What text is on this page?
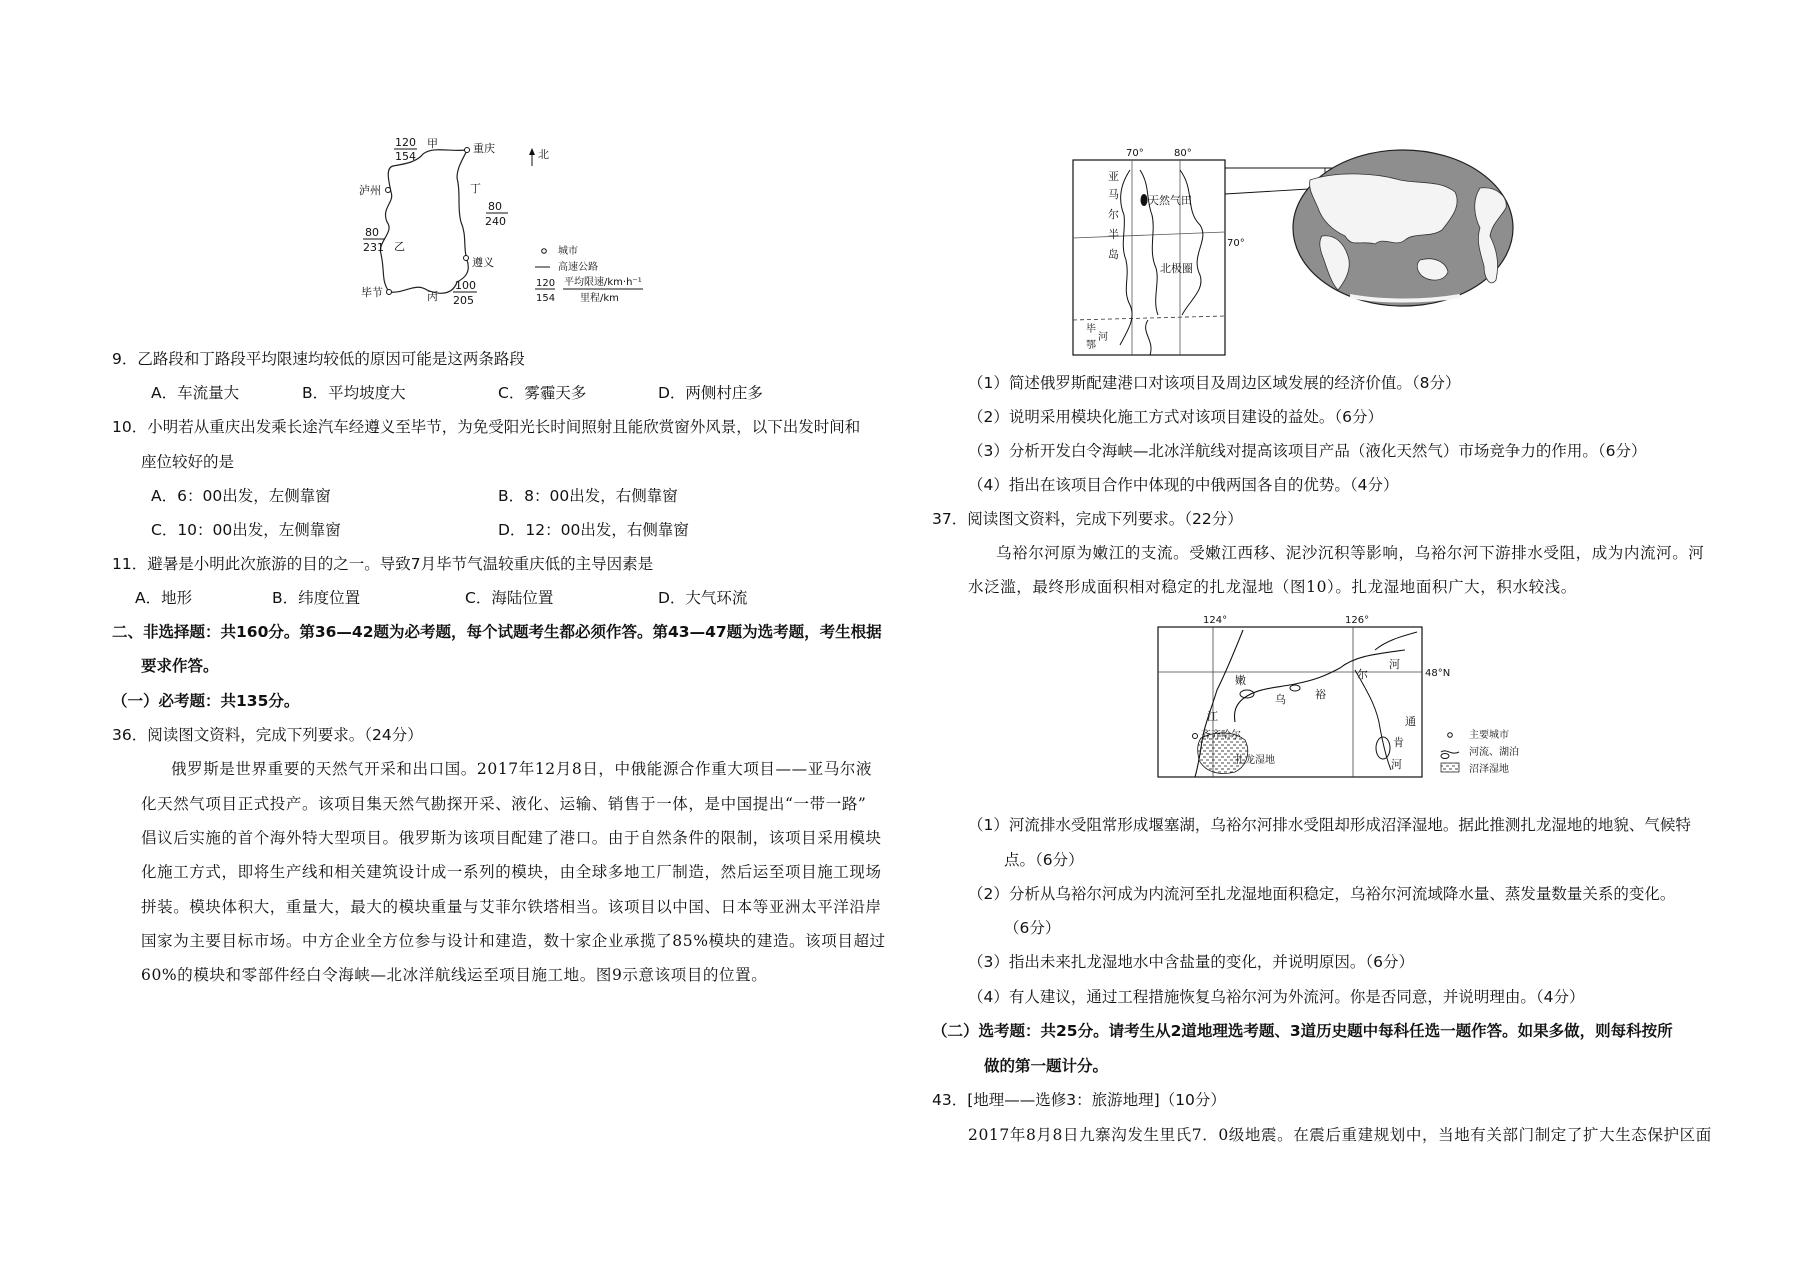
重庆
泸州
遵义
毕节
甲
乙
丙
丁
120
154
80
231
80
240
100
205
北
城市
高速公路
120
154
平均限速/km·h⁻¹
里程/km
9．乙路段和丁路段平均限速均较低的原因可能是这两条路段
A．车流量大	B．平均坡度大	C．雾霾天多	D．两侧村庄多
10．小明若从重庆出发乘长途汽车经遵义至毕节，为免受阳光长时间照射且能欣赏窗外风景，以下出发时间和
座位较好的是
A．6：00出发，左侧靠窗	B．8：00出发，右侧靠窗
C．10：00出发，左侧靠窗	D．12：00出发，右侧靠窗
11．避暑是小明此次旅游的目的之一。导致7月毕节气温较重庆低的主导因素是
A．地形	B．纬度位置	C．海陆位置	D．大气环流
二、非选择题：共160分。第36—42题为必考题，每个试题考生都必须作答。第43—47题为选考题，考生根据
要求作答。
（一）必考题：共135分。
36．阅读图文资料，完成下列要求。（24分）
俄罗斯是世界重要的天然气开采和出口国。2017年12月8日，中俄能源合作重大项目——亚马尔液
化天然气项目正式投产。该项目集天然气勘探开采、液化、运输、销售于一体，是中国提出“一带一路”
倡议后实施的首个海外特大型项目。俄罗斯为该项目配建了港口。由于自然条件的限制，该项目采用模块
化施工方式，即将生产线和相关建筑设计成一系列的模块，由全球多地工厂制造，然后运至项目施工现场
拼装。模块体积大，重量大，最大的模块重量与艾菲尔铁塔相当。该项目以中国、日本等亚洲太平洋沿岸
国家为主要目标市场。中方企业全方位参与设计和建造，数十家企业承揽了85%模块的建造。该项目超过
60%的模块和零部件经白令海峡—北冰洋航线运至项目施工地。图9示意该项目的位置。
70°	80°
70°
天然气田
亚
马
尔
半
岛
北极圈
毕
鄂
河
（1）简述俄罗斯配建港口对该项目及周边区域发展的经济价值。（8分）
（2）说明采用模块化施工方式对该项目建设的益处。（6分）
（3）分析开发白令海峡—北冰洋航线对提高该项目产品（液化天然气）市场竞争力的作用。（6分）
（4）指出在该项目合作中体现的中俄两国各自的优势。（4分）
37．阅读图文资料，完成下列要求。（22分）
乌裕尔河原为嫩江的支流。受嫩江西移、泥沙沉积等影响，乌裕尔河下游排水受阻，成为内流河。河
水泛滥，最终形成面积相对稳定的扎龙湿地（图10）。扎龙湿地面积广大，积水较浅。
124°	126°
48°N
齐齐哈尔
扎龙湿地
嫩
江
乌	裕
尔
河
通
肯
河
主要城市
河流、湖泊
沼泽湿地
（1）河流排水受阻常形成堰塞湖，乌裕尔河排水受阻却形成沼泽湿地。据此推测扎龙湿地的地貌、气候特
点。（6分）
（2）分析从乌裕尔河成为内流河至扎龙湿地面积稳定，乌裕尔河流域降水量、蒸发量数量关系的变化。
（6分）
（3）指出未来扎龙湿地水中含盐量的变化，并说明原因。（6分）
（4）有人建议，通过工程措施恢复乌裕尔河为外流河。你是否同意，并说明理由。（4分）
（二）选考题：共25分。请考生从2道地理选考题、3道历史题中每科任选一题作答。如果多做，则每科按所
做的第一题计分。
43．[地理——选修3：旅游地理]（10分）
2017年8月8日九寨沟发生里氏7．0级地震。在震后重建规划中，当地有关部门制定了扩大生态保护区面
